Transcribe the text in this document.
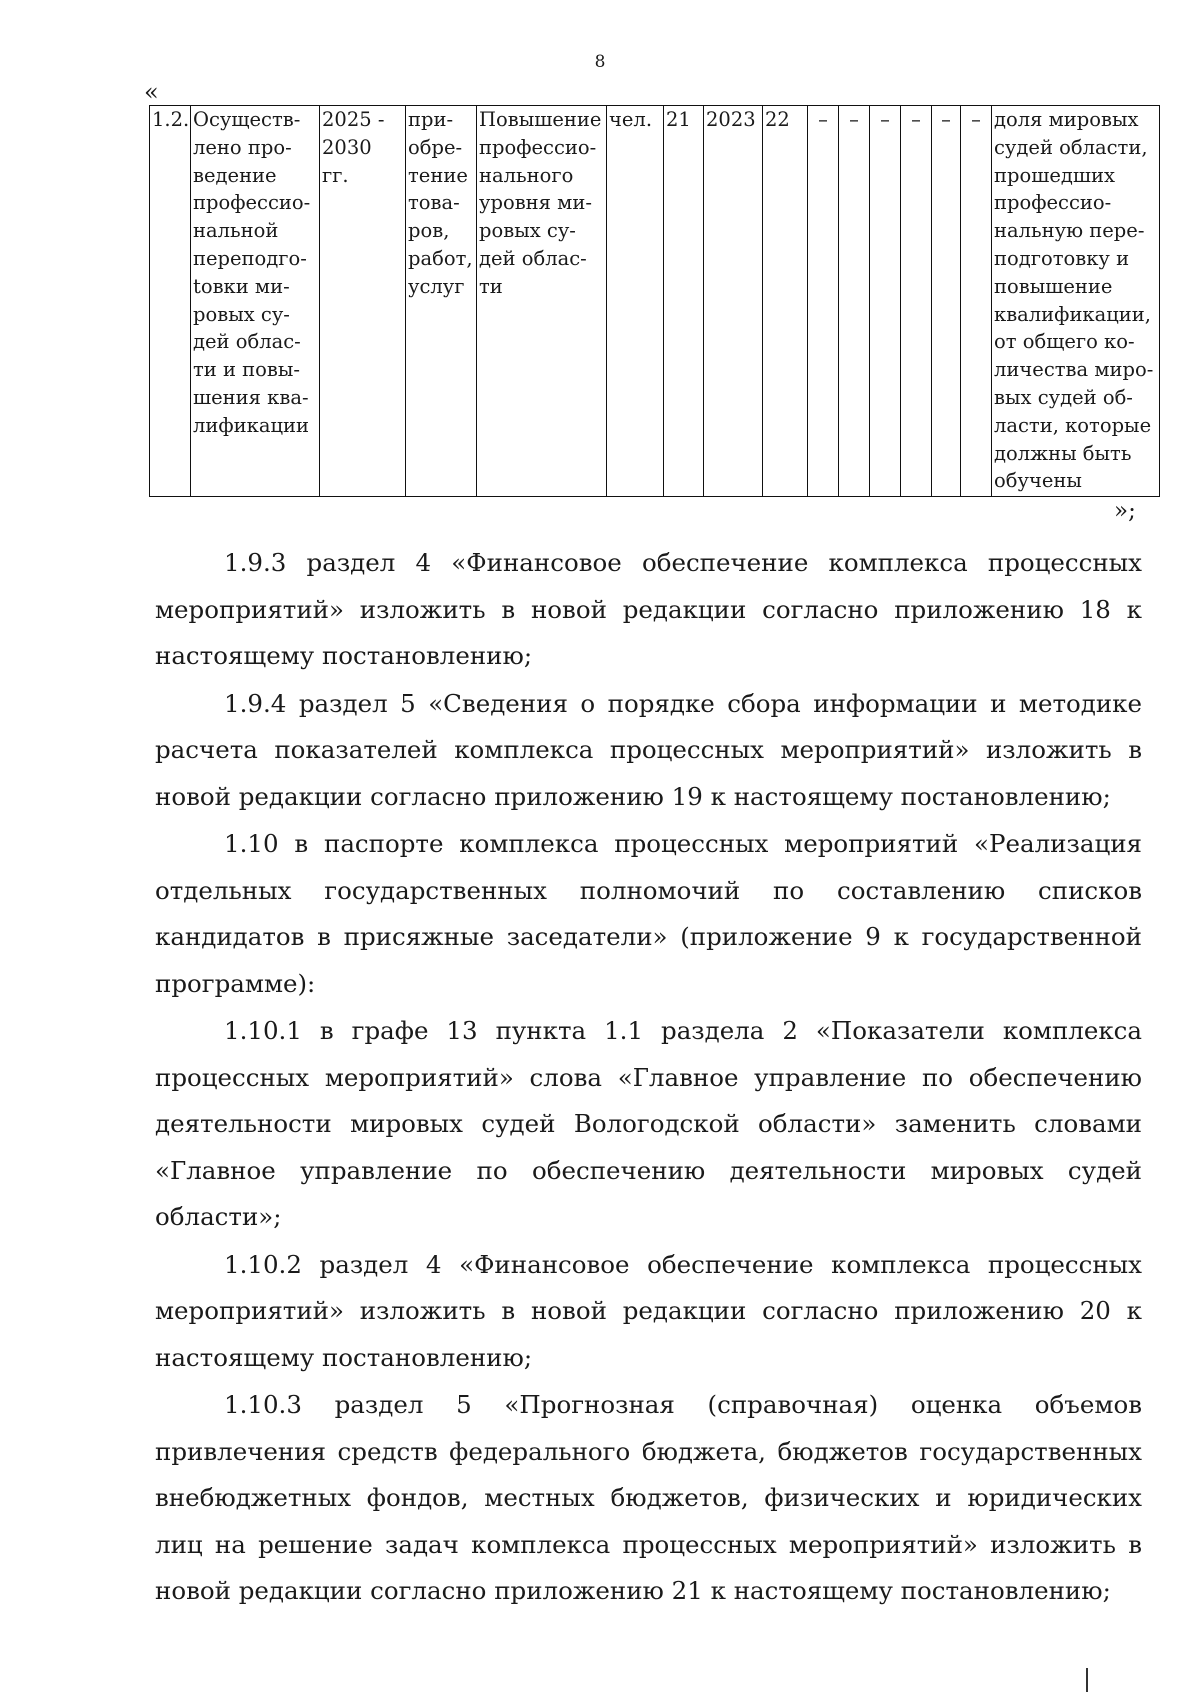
8
«
1.2.	Осуществ-
лено про-
ведение
профессио-
нальной
переподго-
tовки ми-
ровых су-
дей облас-
ти и повы-
шения ква-
лификации	2025 -
2030
гг.	при-
обре-
тение
това-
ров,
работ,
услуг	Повышение
профессио-
нального
уровня ми-
ровых су-
дей облас-
ти	чел.	21	2023	22	–	–	–	–	–	–	доля мировых
судей области,
прошедших
профессио-
нальную пере-
подготовку и
повышение
квалификации,
от общего ко-
личества миро-
вых судей об-
ласти, которые
должны быть
обучены
»;

1.9.3 раздел 4 «Финансовое обеспечение комплекса процессных мероприятий» изложить в новой редакции согласно приложению 18 к настоящему постановлению;

1.9.4 раздел 5 «Сведения о порядке сбора информации и методике расчета показателей комплекса процессных мероприятий» изложить в новой редакции согласно приложению 19 к настоящему постановлению;

1.10 в паспорте комплекса процессных мероприятий «Реализация отдельных государственных полномочий по составлению списков кандидатов в присяжные заседатели» (приложение 9 к государственной программе):

1.10.1 в графе 13 пункта 1.1 раздела 2 «Показатели комплекса процессных мероприятий» слова «Главное управление по обеспечению деятельности мировых судей Вологодской области» заменить словами «Главное управление по обеспечению деятельности мировых судей области»;

1.10.2 раздел 4 «Финансовое обеспечение комплекса процессных мероприятий» изложить в новой редакции согласно приложению 20 к настоящему постановлению;

1.10.3 раздел 5 «Прогнозная (справочная) оценка объемов привлечения средств федерального бюджета, бюджетов государственных внебюджетных фондов, местных бюджетов, физических и юридических лиц на решение задач комплекса процессных мероприятий» изложить в новой редакции согласно приложению 21 к настоящему постановлению;
